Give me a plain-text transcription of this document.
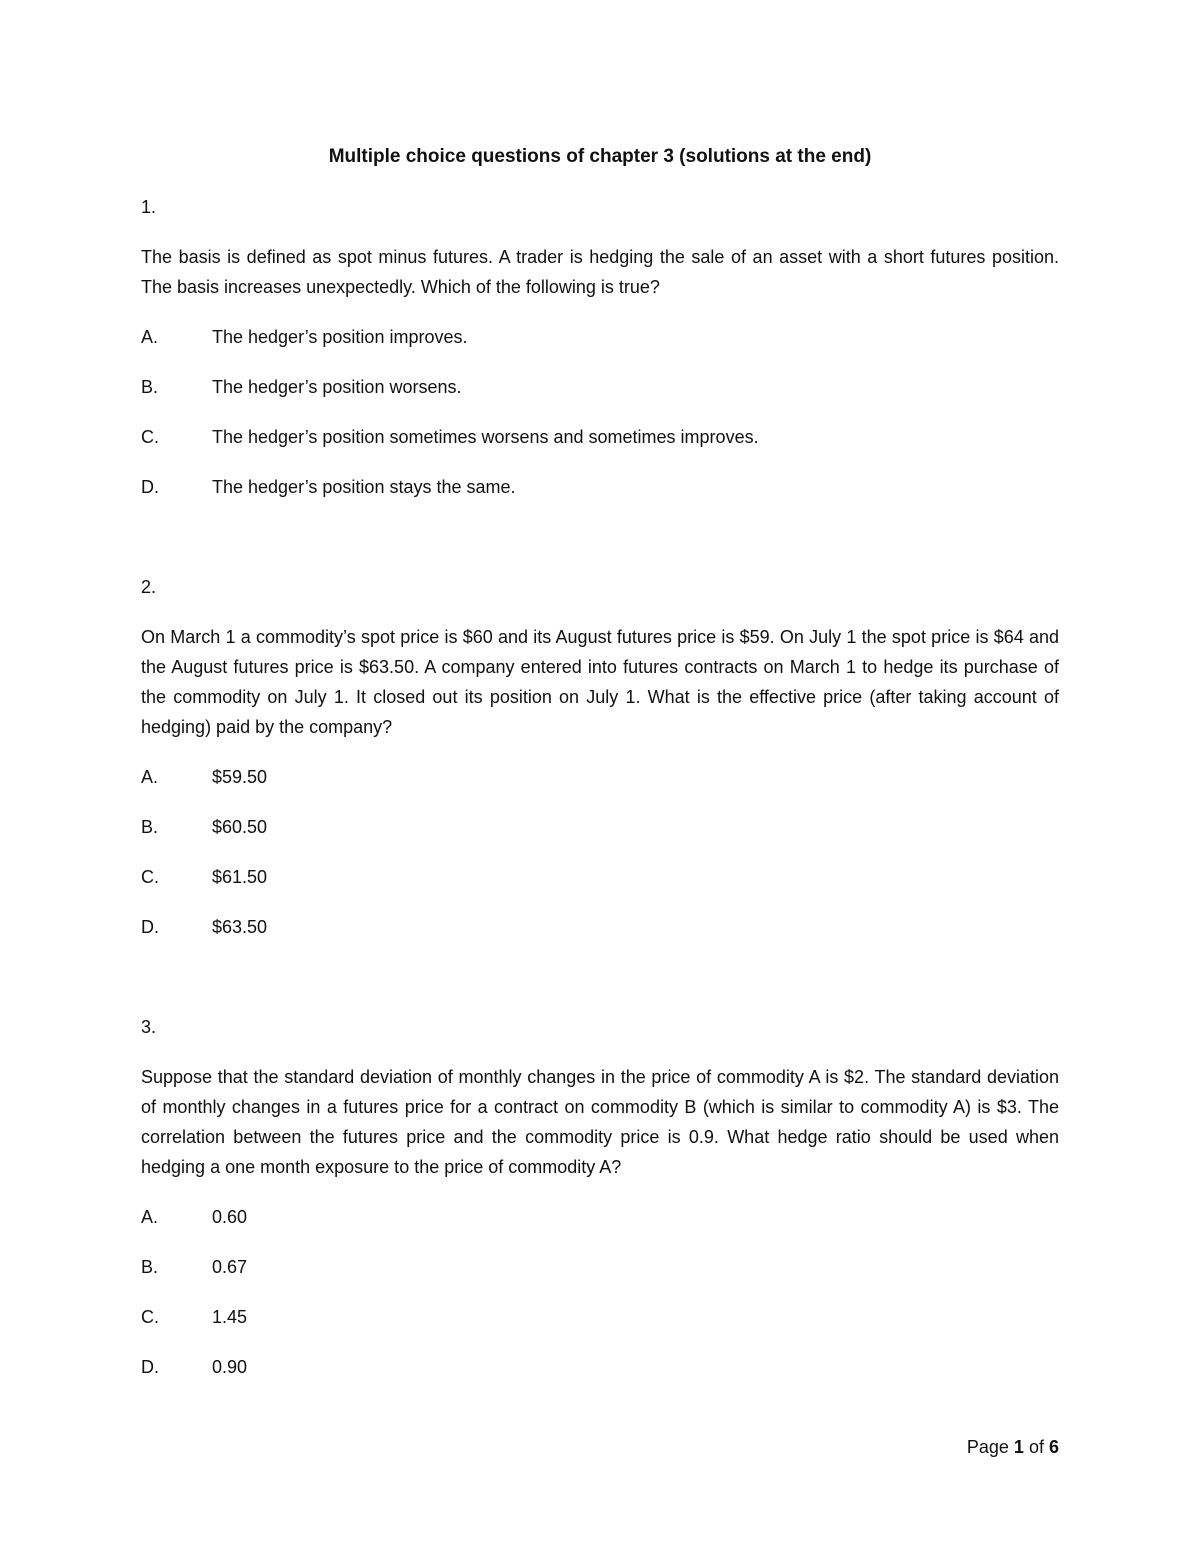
Multiple choice questions of chapter 3 (solutions at the end)
1.

The basis is defined as spot minus futures. A trader is hedging the sale of an asset with a short futures position. The basis increases unexpectedly. Which of the following is true?

A.	The hedger’s position improves.
B.	The hedger’s position worsens.
C.	The hedger’s position sometimes worsens and sometimes improves.
D.	The hedger’s position stays the same.
2.

On March 1 a commodity’s spot price is $60 and its August futures price is $59. On July 1 the spot price is $64 and the August futures price is $63.50. A company entered into futures contracts on March 1 to hedge its purchase of the commodity on July 1. It closed out its position on July 1. What is the effective price (after taking account of hedging) paid by the company?

A.	$59.50
B.	$60.50
C.	$61.50
D.	$63.50
3.

Suppose that the standard deviation of monthly changes in the price of commodity A is $2. The standard deviation of monthly changes in a futures price for a contract on commodity B (which is similar to commodity A) is $3. The correlation between the futures price and the commodity price is 0.9. What hedge ratio should be used when hedging a one month exposure to the price of commodity A?

A.	0.60
B.	0.67
C.	1.45
D.	0.90
Page 1 of 6
